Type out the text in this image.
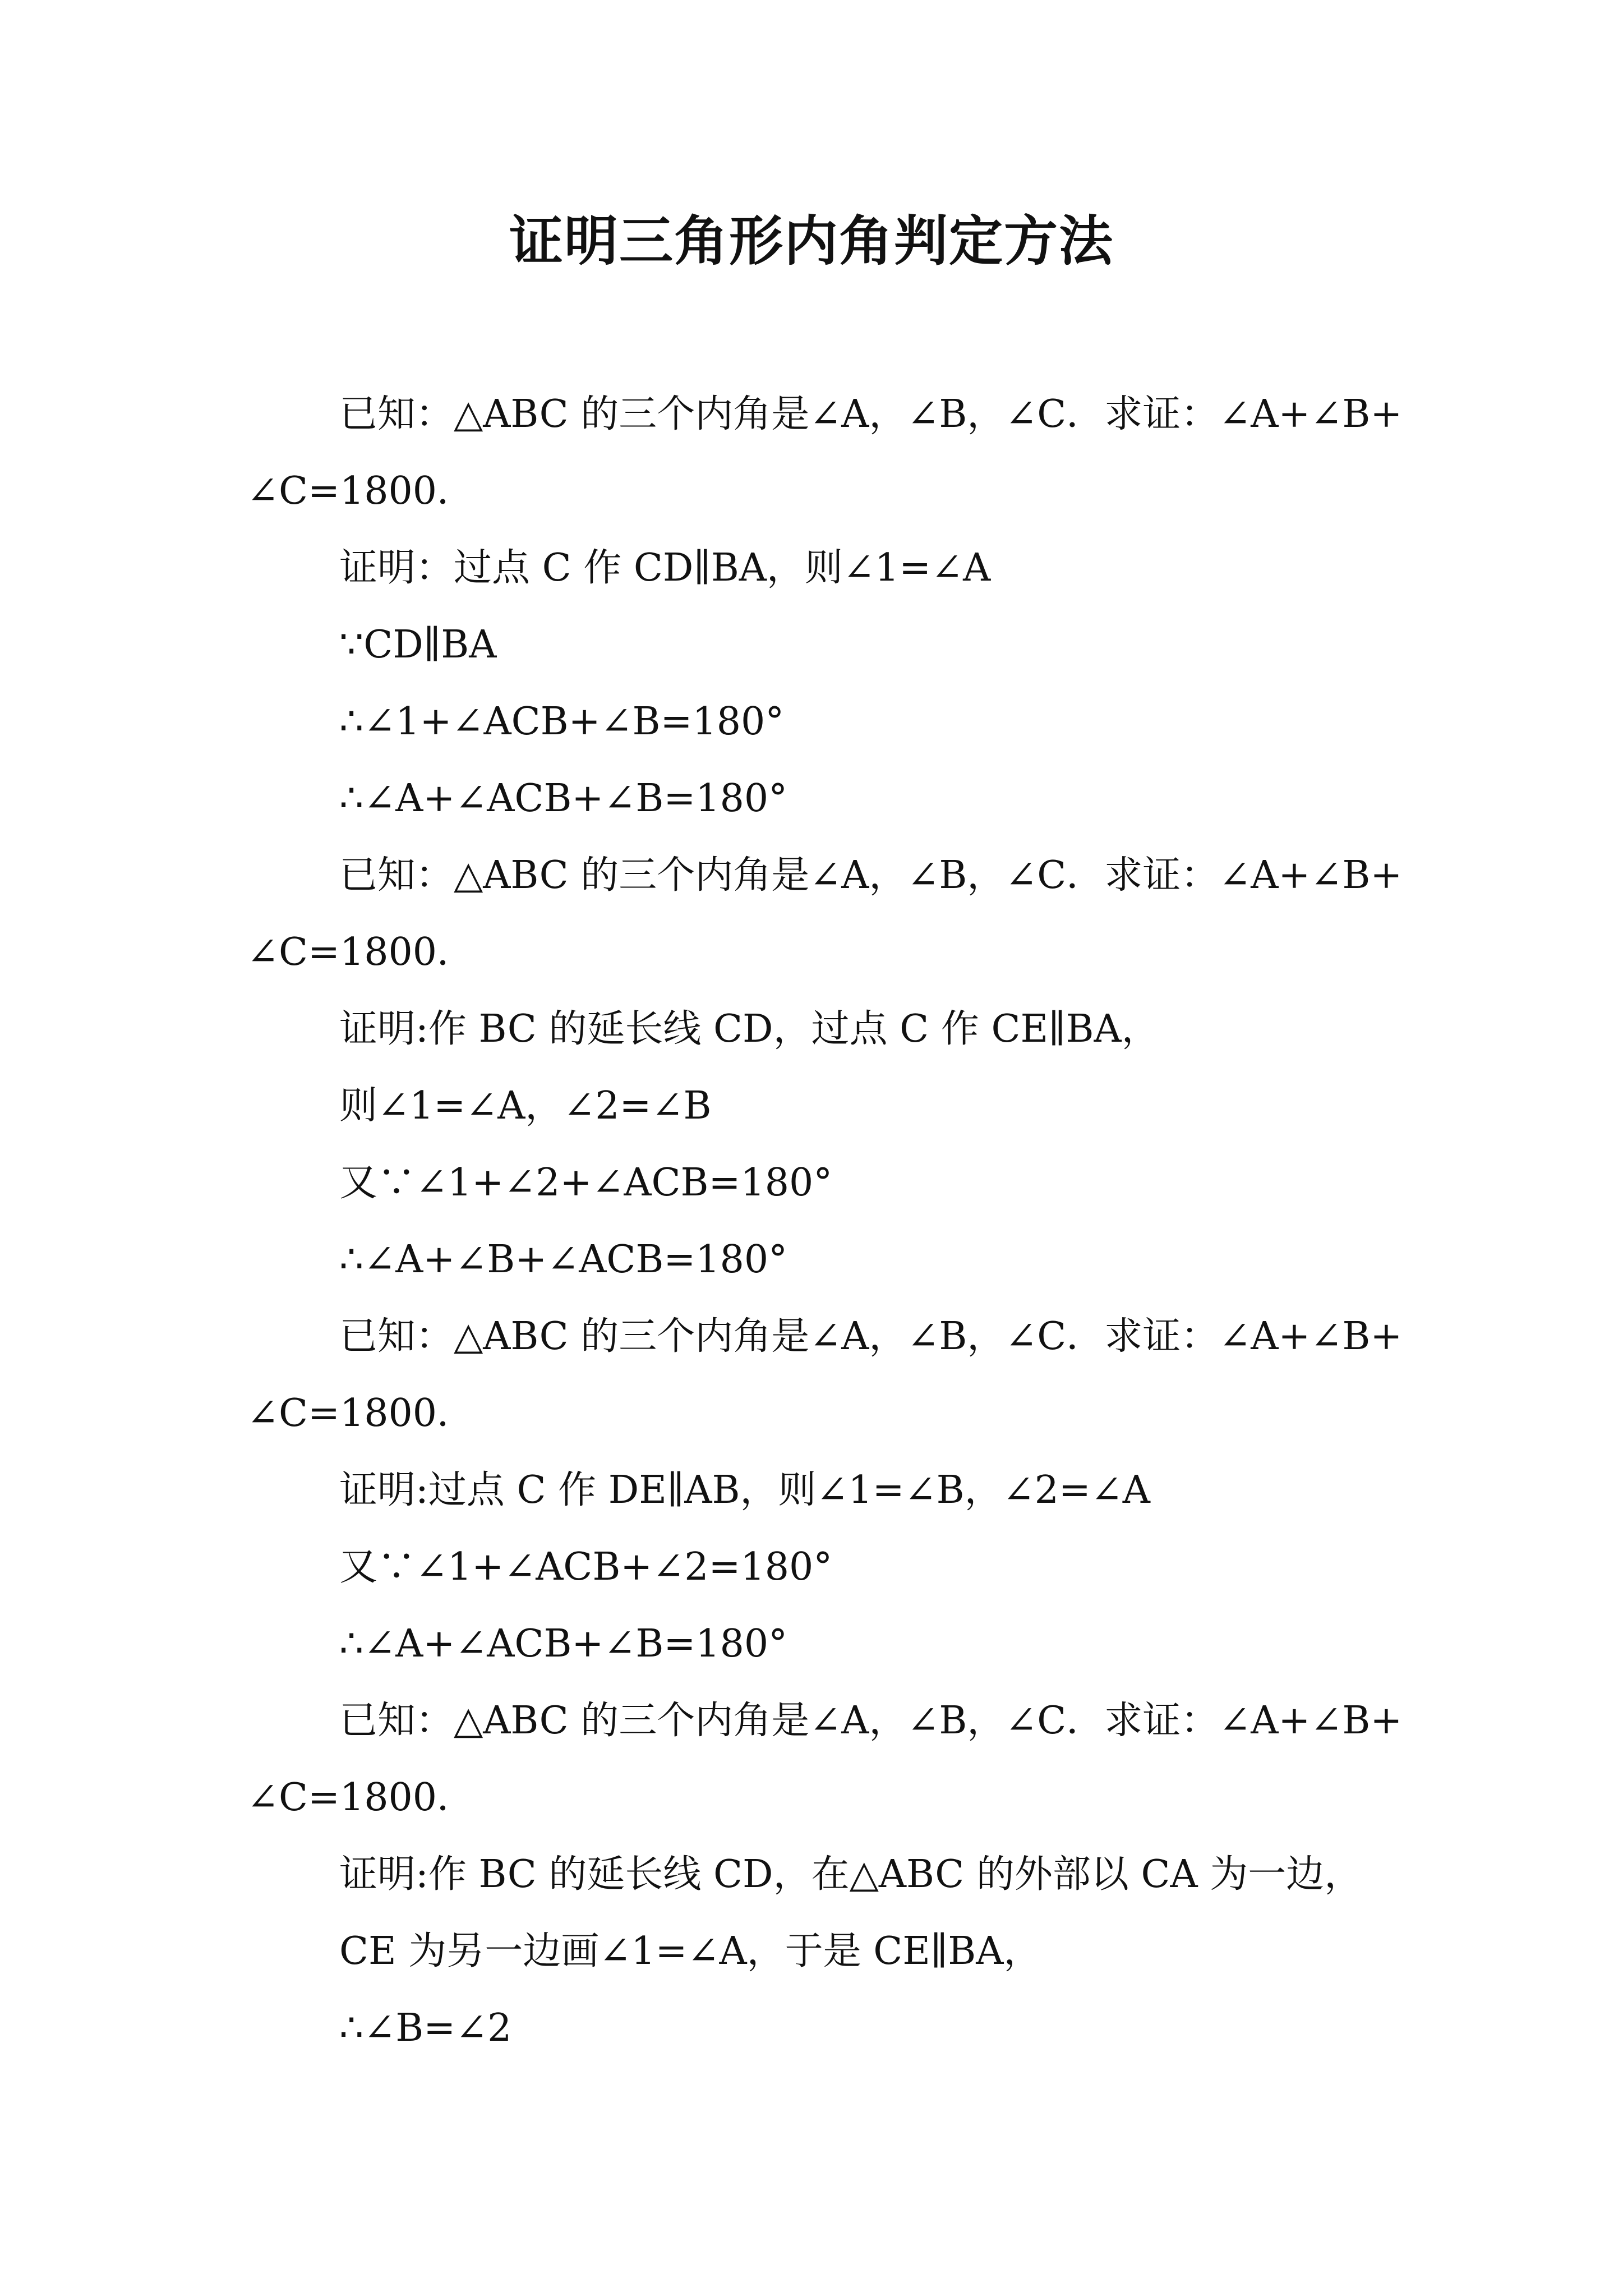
证明三角形内角判定方法
已知：△ABC 的三个内角是∠A，∠B，∠C．求证：∠A+∠B+
∠C=1800．
证明：过点 C 作 CD∥BA，则∠1=∠A
∵CD∥BA
∴∠1+∠ACB+∠B=180°
∴∠A+∠ACB+∠B=180°
已知：△ABC 的三个内角是∠A，∠B，∠C．求证：∠A+∠B+
∠C=1800．
证明:作 BC 的延长线 CD，过点 C 作 CE∥BA，
则∠1=∠A，∠2=∠B
又∵∠1+∠2+∠ACB=180°
∴∠A+∠B+∠ACB=180°
已知：△ABC 的三个内角是∠A，∠B，∠C．求证：∠A+∠B+
∠C=1800．
证明:过点 C 作 DE∥AB，则∠1=∠B，∠2=∠A
又∵∠1+∠ACB+∠2=180°
∴∠A+∠ACB+∠B=180°
已知：△ABC 的三个内角是∠A，∠B，∠C．求证：∠A+∠B+
∠C=1800．
证明:作 BC 的延长线 CD，在△ABC 的外部以 CA 为一边，
CE 为另一边画∠1=∠A，于是 CE∥BA，
∴∠B=∠2
